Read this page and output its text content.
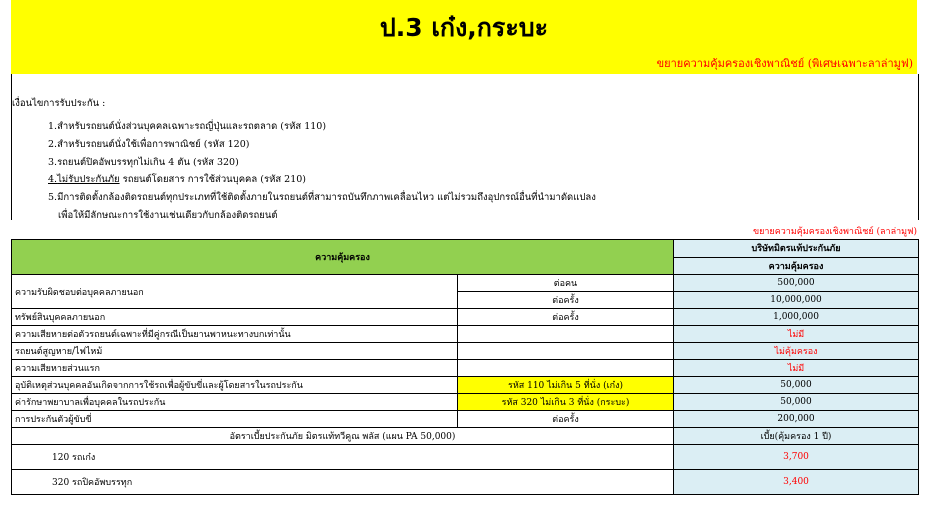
ป.3 เก๋ง,กระบะ
ขยายความคุ้มครองเชิงพาณิชย์ (พิเศษเฉพาะลาล่ามูฟ)
เงื่อนไขการรับประกัน :
1.สำหรับรถยนต์นั่งส่วนบุคคลเฉพาะรถญี่ปุ่นและรถตลาด (รหัส 110)
2.สำหรับรถยนต์นั่งใช้เพื่อการพาณิชย์ (รหัส 120)
3.รถยนต์ปิคอัพบรรทุกไม่เกิน 4 ตัน (รหัส 320)
4.ไม่รับประกันภัย รถยนต์โดยสาร การใช้ส่วนบุคคล (รหัส 210)
5.มีการติดตั้งกล้องติดรถยนต์ทุกประเภทที่ใช้ติดตั้งภายในรถยนต์ที่สามารถบันทึกภาพเคลื่อนไหว แต่ไม่รวมถึงอุปกรณ์อื่นที่นำมาดัดแปลง
เพื่อให้มีลักษณะการใช้งานเช่นเดียวกับกล้องติดรถยนต์
ขยายความคุ้มครองเชิงพาณิชย์ (ลาล่ามูฟ)
ความคุ้มครอง		บริษัทมิตรแท้ประกันภัย
		ความคุ้มครอง
ความรับผิดชอบต่อบุคคลภายนอก	ต่อคน	500,000
	ต่อครั้ง	10,000,000
ทรัพย์สินบุคคลภายนอก	ต่อครั้ง	1,000,000
ความเสียหายต่อตัวรถยนต์เฉพาะที่มีคู่กรณีเป็นยานพาหนะทางบกเท่านั้น		ไม่มี
รถยนต์สูญหาย/ไฟไหม้		ไม่คุ้มครอง
ความเสียหายส่วนแรก		ไม่มี
อุบัติเหตุส่วนบุคคลอันเกิดจากการใช้รถเพื่อผู้ขับขี่และผู้โดยสารในรถประกัน	รหัส 110 ไม่เกิน 5 ที่นั่ง (เก๋ง)	50,000
ค่ารักษาพยาบาลเพื่อบุคคลในรถประกัน	รหัส 320 ไม่เกิน 3 ที่นั่ง (กระบะ)	50,000
การประกันตัวผู้ขับขี่	ต่อครั้ง	200,000
อัตราเบี้ยประกันภัย มิตรแท้ทวีคูณ พลัส (แผน PA 50,000)		เบี้ย(คุ้มครอง 1 ปี)
120 รถเก๋ง		3,700
320 รถปิคอัพบรรทุก		3,400
